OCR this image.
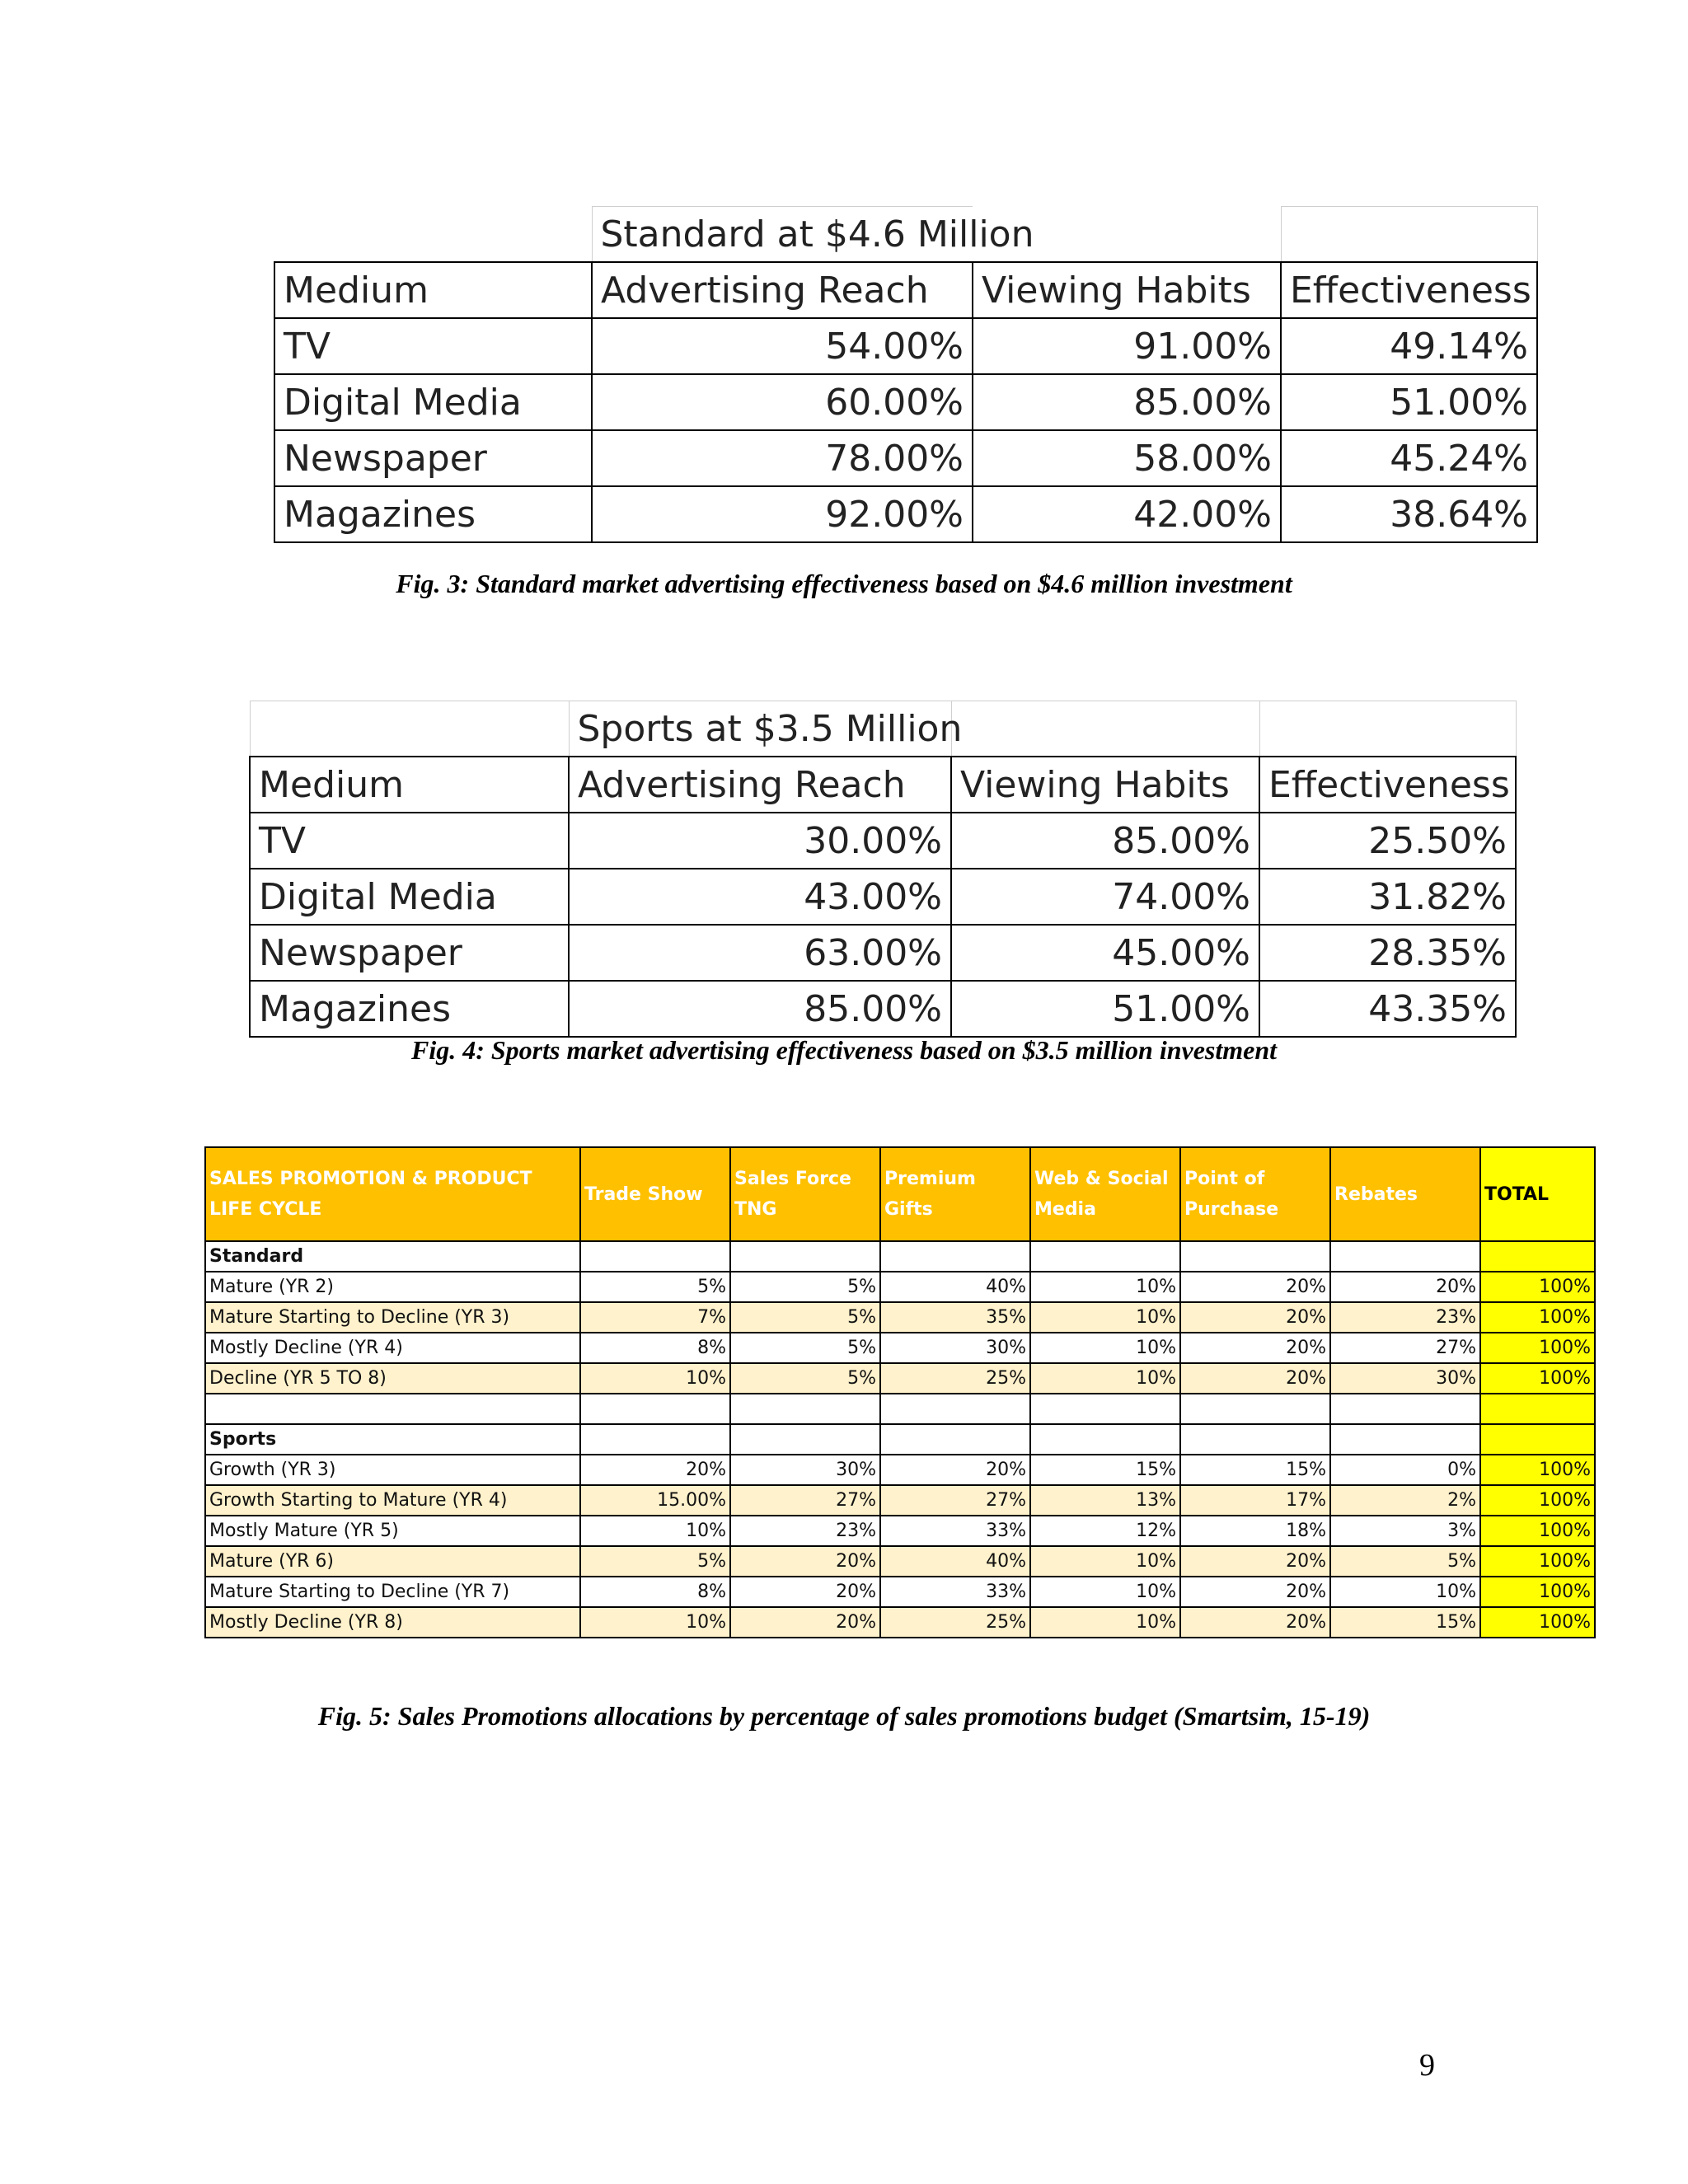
	Standard at $4.6 Million		
Medium	Advertising Reach	Viewing Habits	Effectiveness
TV	54.00%	91.00%	49.14%
Digital Media	60.00%	85.00%	51.00%
Newspaper	78.00%	58.00%	45.24%
Magazines	92.00%	42.00%	38.64%
Fig. 3: Standard market advertising effectiveness based on $4.6 million investment
	Sports at $3.5 Million		
Medium	Advertising Reach	Viewing Habits	Effectiveness
TV	30.00%	85.00%	25.50%
Digital Media	43.00%	74.00%	31.82%
Newspaper	63.00%	45.00%	28.35%
Magazines	85.00%	51.00%	43.35%
Fig. 4: Sports market advertising effectiveness based on $3.5 million investment
SALES PROMOTION & PRODUCT LIFE CYCLE	Trade Show	Sales Force TNG	Premium Gifts	Web & Social Media	Point of Purchase	Rebates	TOTAL
Standard							
Mature (YR 2)	5%	5%	40%	10%	20%	20%	100%
Mature Starting to Decline (YR 3)	7%	5%	35%	10%	20%	23%	100%
Mostly Decline (YR 4)	8%	5%	30%	10%	20%	27%	100%
Decline (YR 5 TO 8)	10%	5%	25%	10%	20%	30%	100%

Sports							
Growth (YR 3)	20%	30%	20%	15%	15%	0%	100%
Growth Starting to Mature (YR 4)	15.00%	27%	27%	13%	17%	2%	100%
Mostly Mature (YR 5)	10%	23%	33%	12%	18%	3%	100%
Mature (YR 6)	5%	20%	40%	10%	20%	5%	100%
Mature Starting to Decline (YR 7)	8%	20%	33%	10%	20%	10%	100%
Mostly Decline (YR 8)	10%	20%	25%	10%	20%	15%	100%
Fig. 5: Sales Promotions allocations by percentage of sales promotions budget (Smartsim, 15-19)
9
